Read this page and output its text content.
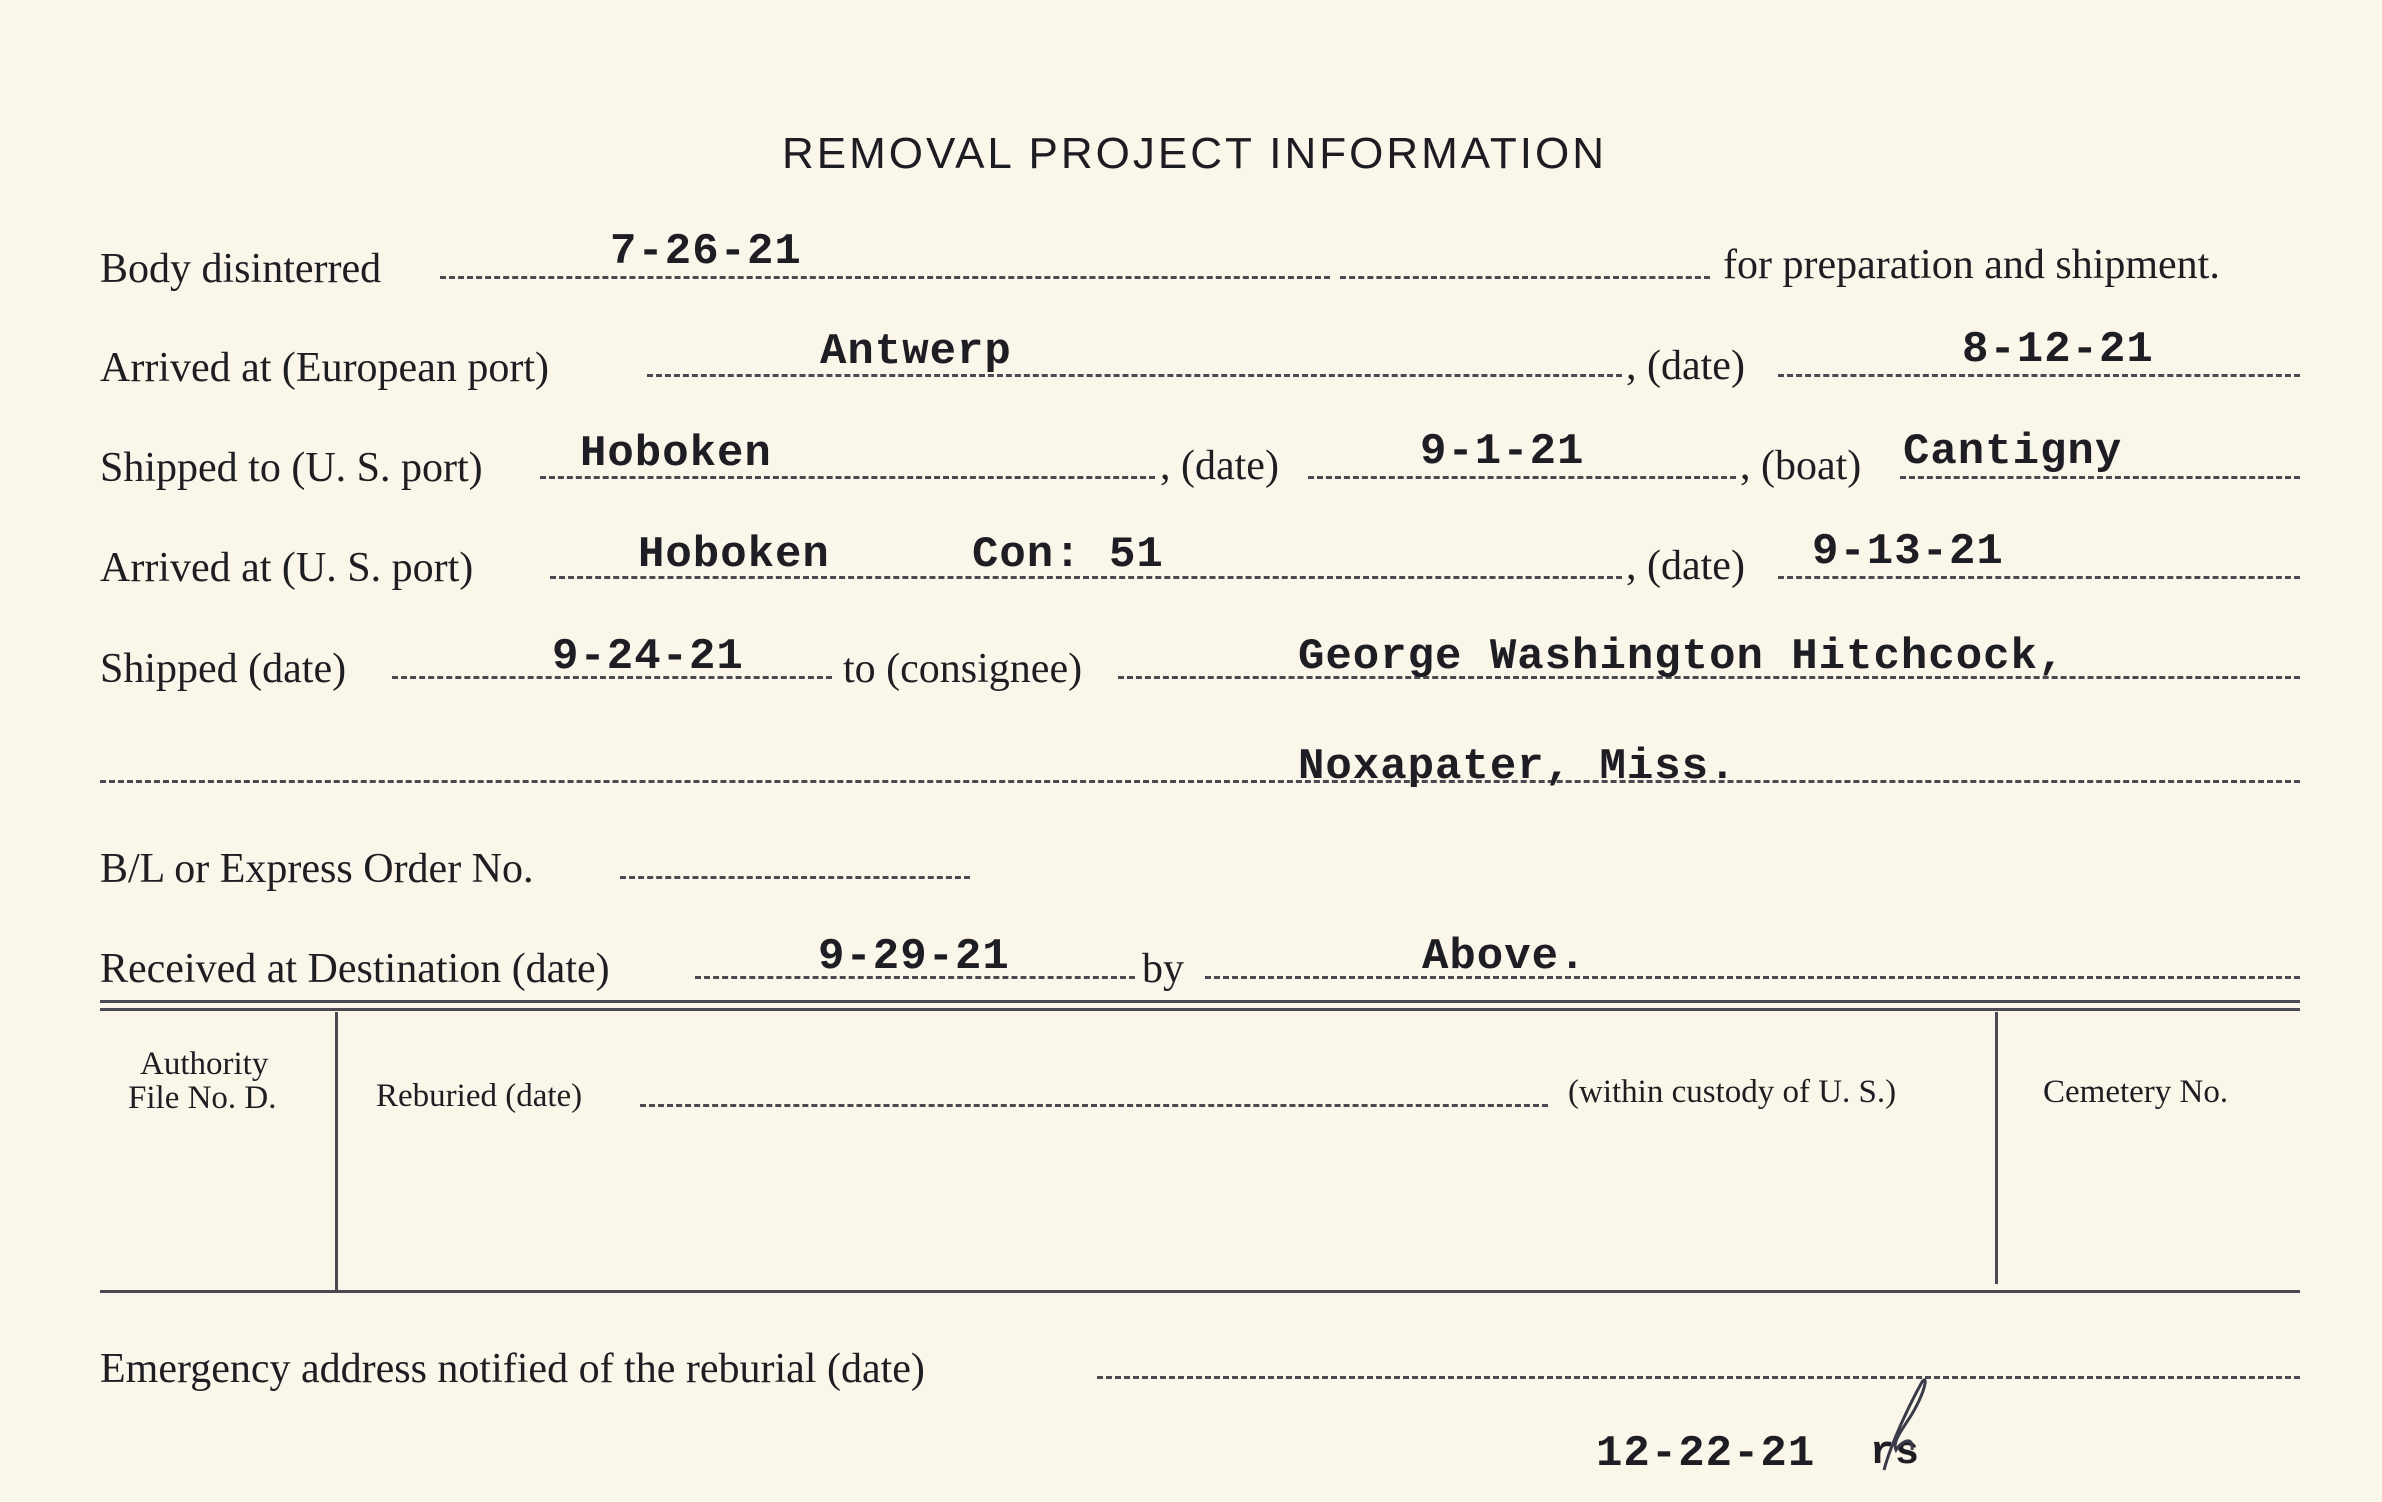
REMOVAL PROJECT INFORMATION
Body disinterred	7-26-21	for preparation and shipment.
Arrived at (European port)	Antwerp	, (date)	8-12-21
Shipped to (U. S. port) Hoboken	, (date)	9-1-21	, (boat) Cantigny
Arrived at (U. S. port)	Hoboken	Con: 51	, (date) 9-13-21
Shipped (date)	9-24-21 to (consignee)	George Washington Hitchcock,
Noxapater, Miss.
B/L or Express Order No.
Received at Destination (date)	9-29-21	by	Above.
Authority
File No. D.	Reburied (date)	(within custody of U. S.)	Cemetery No.
Emergency address notified of the reburial (date)
12-22-21 rs
